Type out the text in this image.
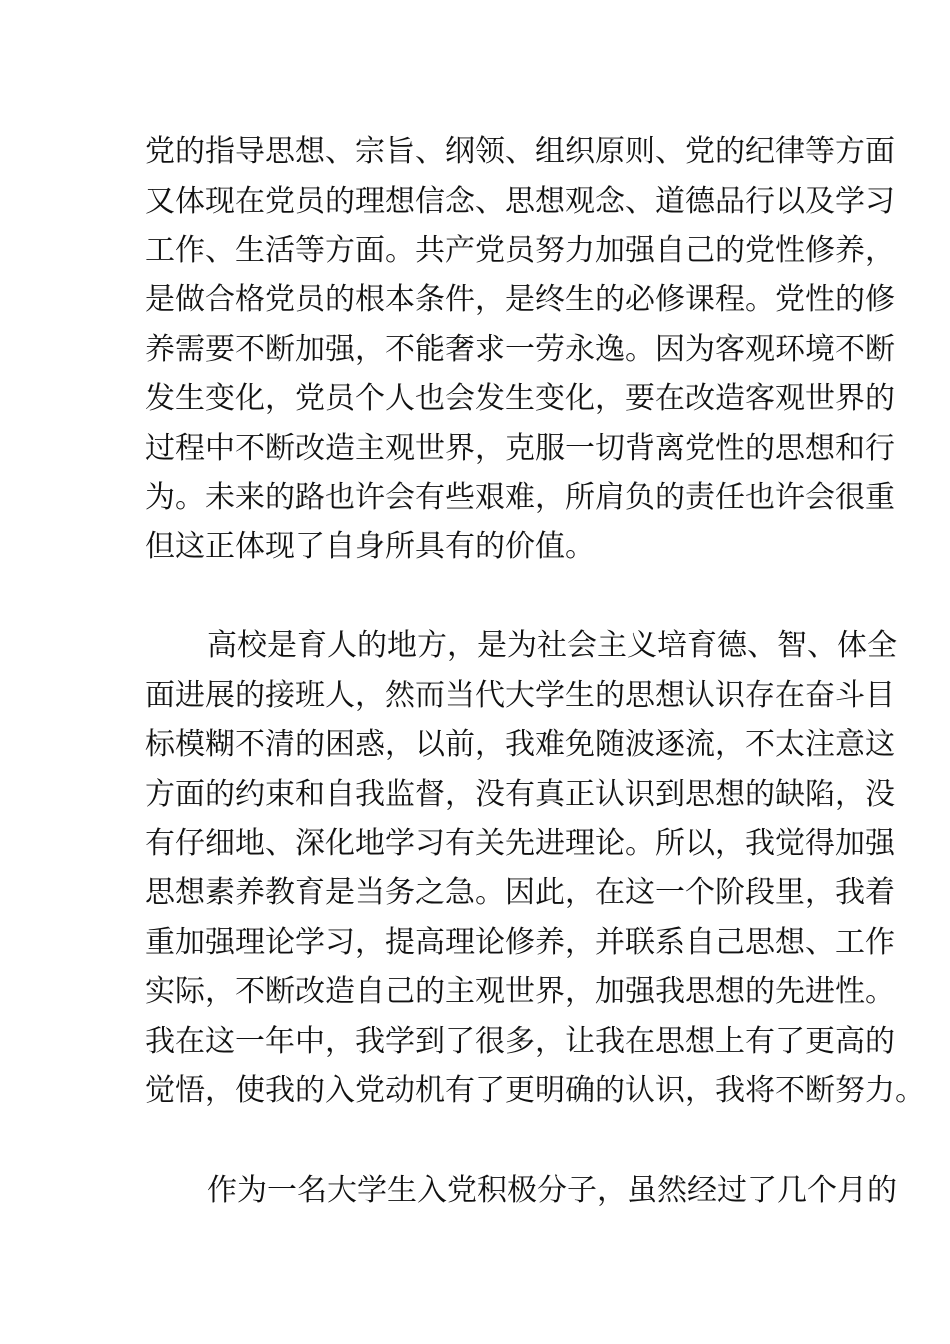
党的指导思想、宗旨、纲领、组织原则、党的纪律等方面
又体现在党员的理想信念、思想观念、道德品行以及学习
工作、生活等方面。共产党员努力加强自己的党性修养，
是做合格党员的根本条件，是终生的必修课程。党性的修
养需要不断加强，不能奢求一劳永逸。因为客观环境不断
发生变化，党员个人也会发生变化，要在改造客观世界的
过程中不断改造主观世界，克服一切背离党性的思想和行
为。未来的路也许会有些艰难，所肩负的责任也许会很重
但这正体现了自身所具有的价值。
高校是育人的地方，是为社会主义培育德、智、体全
面进展的接班人，然而当代大学生的思想认识存在奋斗目
标模糊不清的困惑，以前，我难免随波逐流，不太注意这
方面的约束和自我监督，没有真正认识到思想的缺陷，没
有仔细地、深化地学习有关先进理论。所以，我觉得加强
思想素养教育是当务之急。因此，在这一个阶段里，我着
重加强理论学习，提高理论修养，并联系自己思想、工作
实际，不断改造自己的主观世界，加强我思想的先进性。
我在这一年中，我学到了很多，让我在思想上有了更高的
觉悟，使我的入党动机有了更明确的认识，我将不断努力。
作为一名大学生入党积极分子，虽然经过了几个月的
